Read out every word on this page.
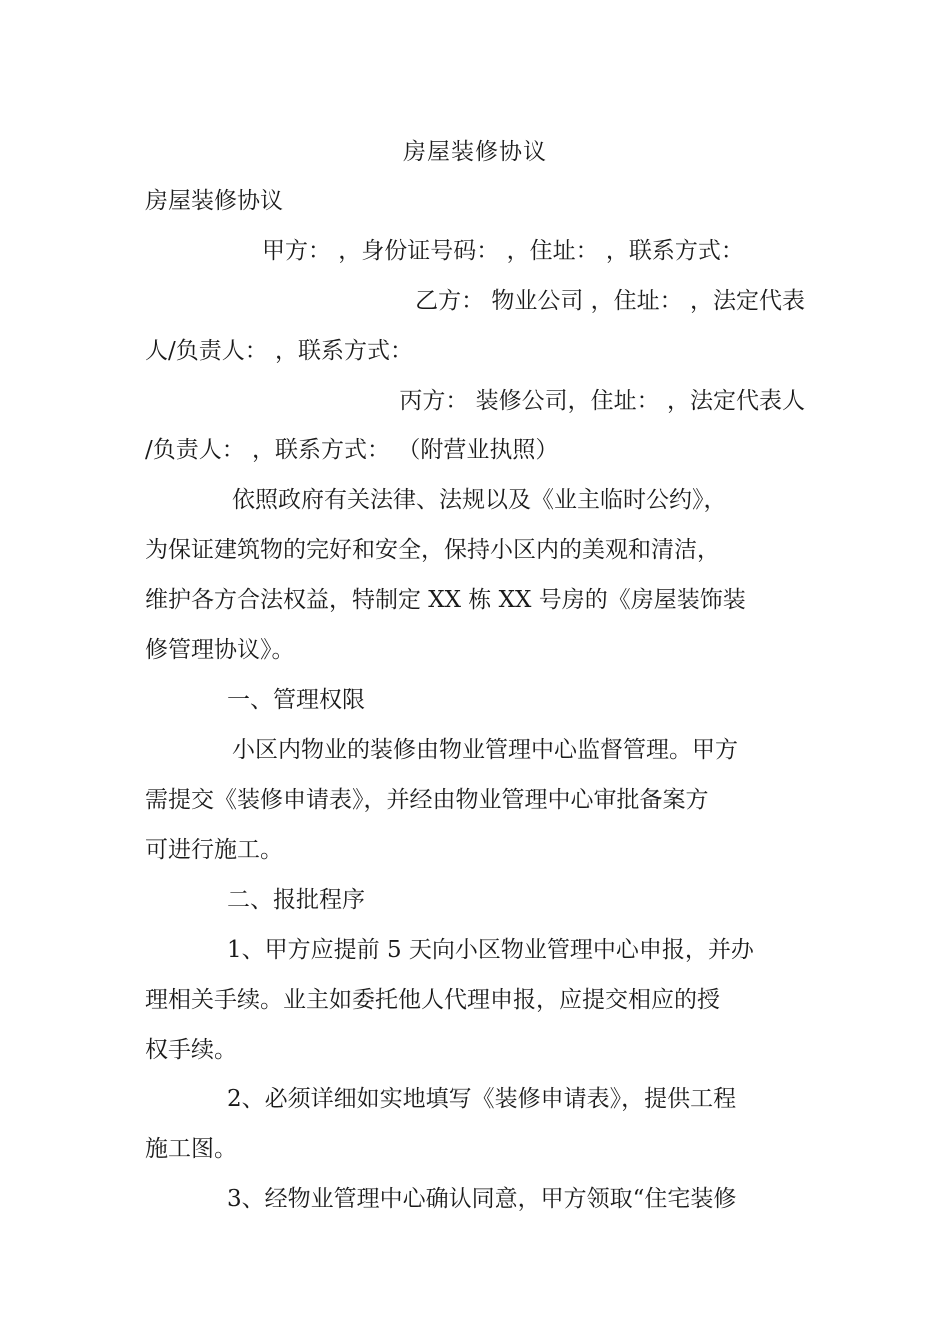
房屋装修协议
房屋装修协议
甲方： ，身份证号码： ，住址： ，联系方式：
乙方： 物业公司 ，住址： ，法定代表
人/负责人： ，联系方式：
丙方： 装修公司，住址： ，法定代表人
/负责人： ，联系方式： （附营业执照）
依照政府有关法律、法规以及《业主临时公约》，
为保证建筑物的完好和安全，保持小区内的美观和清洁，
维护各方合法权益，特制定 XX 栋 XX 号房的《房屋装饰装
修管理协议》。
一、管理权限
小区内物业的装修由物业管理中心监督管理。甲方
需提交《装修申请表》，并经由物业管理中心审批备案方
可进行施工。
二、报批程序
1、甲方应提前 5 天向小区物业管理中心申报，并办
理相关手续。业主如委托他人代理申报，应提交相应的授
权手续。
2、必须详细如实地填写《装修申请表》，提供工程
施工图。
3、经物业管理中心确认同意，甲方领取“住宅装修
